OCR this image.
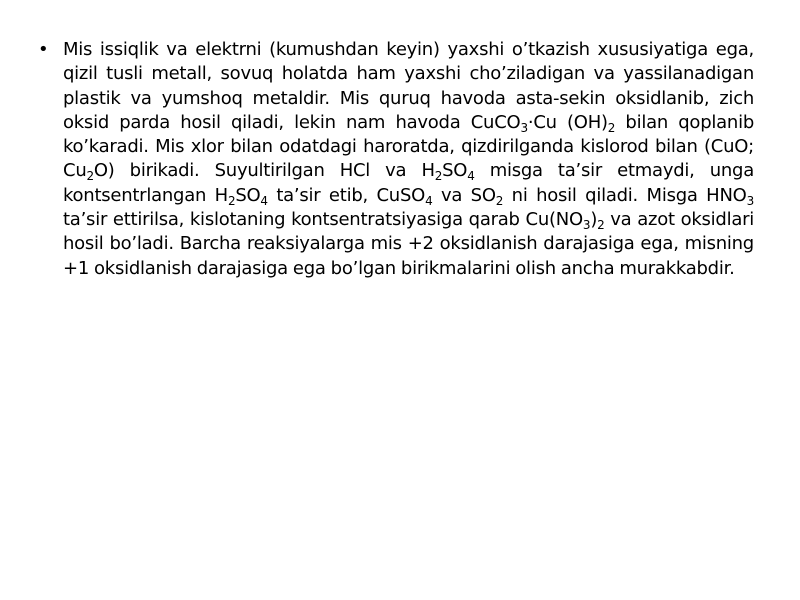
• Mis issiqlik va elektrni (kumushdan keyin) yaxshi o’tkazish xususiyatiga ega, qizil tusli metall, sovuq holatda ham yaxshi cho’ziladigan va yassilanadigan plastik va yumshoq metaldir. Mis quruq havoda asta-sekin oksidlanib, zich oksid parda hosil qiladi, lekin nam havoda CuCO$_3$·Cu $(OH)_2$ bilan qoplanib ko’karadi. Mis xlor bilan odatdagi haroratda, qizdirilganda kislorod bilan (CuO; $Cu_2O$) birikadi. Suyultirilgan HCl va $H_2SO_4$ misga ta’sir etmaydi, unga kontsentrlangan $H_2SO_4$ ta’sir etib, CuSO$_4$ va $SO_2$ ni hosil qiladi. Misga $HNO_3$ ta’sir ettirilsa, kislotaning kontsentratsiyasiga qarab $Cu(NO_3)_2$ va azot oksidlari hosil bo’ladi. Barcha reaksiyalarga mis +2 oksidlanish darajasiga ega, misning +1 oksidlanish darajasiga ega bo’lgan birikmalarini olish ancha murakkabdir.
